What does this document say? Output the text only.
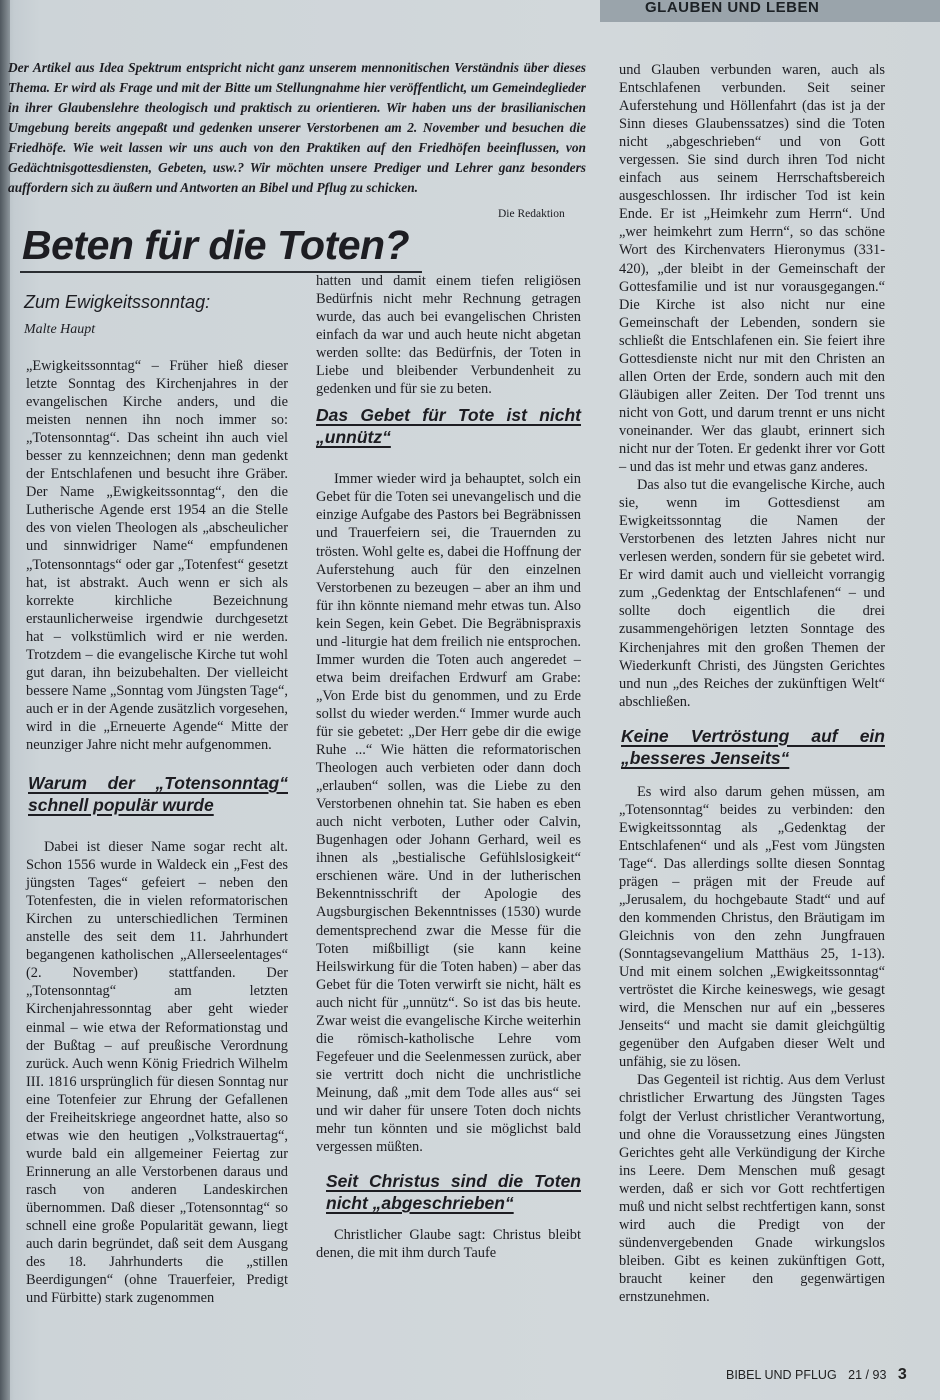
GLAUBEN UND LEBEN
Der Artikel aus Idea Spektrum entspricht nicht ganz unserem mennonitischen Verständnis über dieses Thema. Er wird als Frage und mit der Bitte um Stellungnahme hier veröffentlicht, um Gemeindeglieder in ihrer Glaubenslehre theologisch und praktisch zu orientieren. Wir haben uns der brasilianischen Umgebung bereits angepaßt und gedenken unserer Verstorbenen am 2. November und besuchen die Friedhöfe. Wie weit lassen wir uns auch von den Praktiken auf den Friedhöfen beeinflussen, von Gedächtnisgottesdiensten, Gebeten, usw.? Wir möchten unsere Prediger und Lehrer ganz besonders auffordern sich zu äußern und Antworten an Bibel und Pflug zu schicken.
Die Redaktion
Beten für die Toten?
Zum Ewigkeitssonntag:
Malte Haupt

„Ewigkeitssonntag“ – Früher hieß dieser letzte Sonntag des Kirchenjahres in der evangelischen Kirche anders, und die meisten nennen ihn noch immer so: „Totensonntag“. Das scheint ihn auch viel besser zu kennzeichnen; denn man gedenkt der Entschlafenen und besucht ihre Gräber. Der Name „Ewigkeitssonntag“, den die Lutherische Agende erst 1954 an die Stelle des von vielen Theologen als „abscheulicher und sinnwidriger Name“ empfundenen „Totensonntags“ oder gar „Totenfest“ gesetzt hat, ist abstrakt. Auch wenn er sich als korrekte kirchliche Bezeichnung erstaunlicherweise irgendwie durchgesetzt hat – volkstümlich wird er nie werden. Trotzdem – die evangelische Kirche tut wohl gut daran, ihn beizubehalten. Der vielleicht bessere Name „Sonntag vom Jüngsten Tage“, auch er in der Agende zusätzlich vorgesehen, wird in die „Erneuerte Agende“ Mitte der neunziger Jahre nicht mehr aufgenommen.

Warum der „Totensonntag“ schnell populär wurde

Dabei ist dieser Name sogar recht alt. Schon 1556 wurde in Waldeck ein „Fest des jüngsten Tages“ gefeiert – neben den Totenfesten, die in vielen reformatorischen Kirchen zu unterschiedlichen Terminen anstelle des seit dem 11. Jahrhundert begangenen katholischen „Allerseelentages“ (2. November) stattfanden. Der „Totensonntag“ am letzten Kirchenjahressonntag aber geht wieder einmal – wie etwa der Reformationstag und der Bußtag – auf preußische Verordnung zurück. Auch wenn König Friedrich Wilhelm III. 1816 ursprünglich für diesen Sonntag nur eine Totenfeier zur Ehrung der Gefallenen der Freiheitskriege angeordnet hatte, also so etwas wie den heutigen „Volkstrauertag“, wurde bald ein allgemeiner Feiertag zur Erinnerung an alle Verstorbenen daraus und rasch von anderen Landeskirchen übernommen. Daß dieser „Totensonntag“ so schnell eine große Popularität gewann, liegt auch darin begründet, daß seit dem Ausgang des 18. Jahrhunderts die „stillen Beerdigungen“ (ohne Trauerfeier, Predigt und Fürbitte) stark zugenommen

hatten und damit einem tiefen religiösen Bedürfnis nicht mehr Rechnung getragen wurde, das auch bei evangelischen Christen einfach da war und auch heute nicht abgetan werden sollte: das Bedürfnis, der Toten in Liebe und bleibender Verbundenheit zu gedenken und für sie zu beten.

Das Gebet für Tote ist nicht „unnütz“

Immer wieder wird ja behauptet, solch ein Gebet für die Toten sei unevangelisch und die einzige Aufgabe des Pastors bei Begräbnissen und Trauerfeiern sei, die Trauernden zu trösten. Wohl gelte es, dabei die Hoffnung der Auferstehung auch für den einzelnen Verstorbenen zu bezeugen – aber an ihm und für ihn könnte niemand mehr etwas tun. Also kein Segen, kein Gebet. Die Begräbnispraxis und -liturgie hat dem freilich nie entsprochen. Immer wurden die Toten auch angeredet – etwa beim dreifachen Erdwurf am Grabe: „Von Erde bist du genommen, und zu Erde sollst du wieder werden.“ Immer wurde auch für sie gebetet: „Der Herr gebe dir die ewige Ruhe ...“ Wie hätten die reformatorischen Theologen auch verbieten oder dann doch „erlauben“ sollen, was die Liebe zu den Verstorbenen ohnehin tat. Sie haben es eben auch nicht verboten, Luther oder Calvin, Bugenhagen oder Johann Gerhard, weil es ihnen als „bestialische Gefühlslosigkeit“ erschienen wäre. Und in der lutherischen Bekenntnisschrift der Apologie des Augsburgischen Bekenntnisses (1530) wurde dementsprechend zwar die Messe für die Toten mißbilligt (sie kann keine Heilswirkung für die Toten haben) – aber das Gebet für die Toten verwirft sie nicht, hält es auch nicht für „unnütz“. So ist das bis heute. Zwar weist die evangelische Kirche weiterhin die römisch-katholische Lehre vom Fegefeuer und die Seelenmessen zurück, aber sie vertritt doch nicht die unchristliche Meinung, daß „mit dem Tode alles aus“ sei und wir daher für unsere Toten doch nichts mehr tun könnten und sie möglichst bald vergessen müßten.

Seit Christus sind die Toten nicht „abgeschrieben“

Christlicher Glaube sagt: Christus bleibt denen, die mit ihm durch Taufe

und Glauben verbunden waren, auch als Entschlafenen verbunden. Seit seiner Auferstehung und Höllenfahrt (das ist ja der Sinn dieses Glaubenssatzes) sind die Toten nicht „abgeschrieben“ und von Gott vergessen. Sie sind durch ihren Tod nicht einfach aus seinem Herrschaftsbereich ausgeschlossen. Ihr irdischer Tod ist kein Ende. Er ist „Heimkehr zum Herrn“. Und „wer heimkehrt zum Herrn“, so das schöne Wort des Kirchenvaters Hieronymus (331-420), „der bleibt in der Gemeinschaft der Gottesfamilie und ist nur vorausgegangen.“ Die Kirche ist also nicht nur eine Gemeinschaft der Lebenden, sondern sie schließt die Entschlafenen ein. Sie feiert ihre Gottesdienste nicht nur mit den Christen an allen Orten der Erde, sondern auch mit den Gläubigen aller Zeiten. Der Tod trennt uns nicht von Gott, und darum trennt er uns nicht voneinander. Wer das glaubt, erinnert sich nicht nur der Toten. Er gedenkt ihrer vor Gott – und das ist mehr und etwas ganz anderes.

Das also tut die evangelische Kirche, auch sie, wenn im Gottesdienst am Ewigkeitssonntag die Namen der Verstorbenen des letzten Jahres nicht nur verlesen werden, sondern für sie gebetet wird. Er wird damit auch und vielleicht vorrangig zum „Gedenktag der Entschlafenen“ – und sollte doch eigentlich die drei zusammengehörigen letzten Sonntage des Kirchenjahres mit den großen Themen der Wiederkunft Christi, des Jüngsten Gerichtes und nun „des Reiches der zukünftigen Welt“ abschließen.

Keine Vertröstung auf ein „besseres Jenseits“

Es wird also darum gehen müssen, am „Totensonntag“ beides zu verbinden: den Ewigkeitssonntag als „Gedenktag der Entschlafenen“ und als „Fest vom Jüngsten Tage“. Das allerdings sollte diesen Sonntag prägen – prägen mit der Freude auf „Jerusalem, du hochgebaute Stadt“ und auf den kommenden Christus, den Bräutigam im Gleichnis von den zehn Jungfrauen (Sonntagsevangelium Matthäus 25, 1-13). Und mit einem solchen „Ewigkeitssonntag“ vertröstet die Kirche keineswegs, wie gesagt wird, die Menschen nur auf ein „besseres Jenseits“ und macht sie damit gleichgültig gegenüber den Aufgaben dieser Welt und unfähig, sie zu lösen.

Das Gegenteil ist richtig. Aus dem Verlust christlicher Erwartung des Jüngsten Tages folgt der Verlust christlicher Verantwortung, und ohne die Voraussetzung eines Jüngsten Gerichtes geht alle Verkündigung der Kirche ins Leere. Dem Menschen muß gesagt werden, daß er sich vor Gott rechtfertigen muß und nicht selbst rechtfertigen kann, sonst wird auch die Predigt von der sündenvergebenden Gnade wirkungslos bleiben. Gibt es keinen zukünftigen Gott, braucht keiner den gegenwärtigen ernstzunehmen.

BIBEL UND PFLUG 21 / 93 3
